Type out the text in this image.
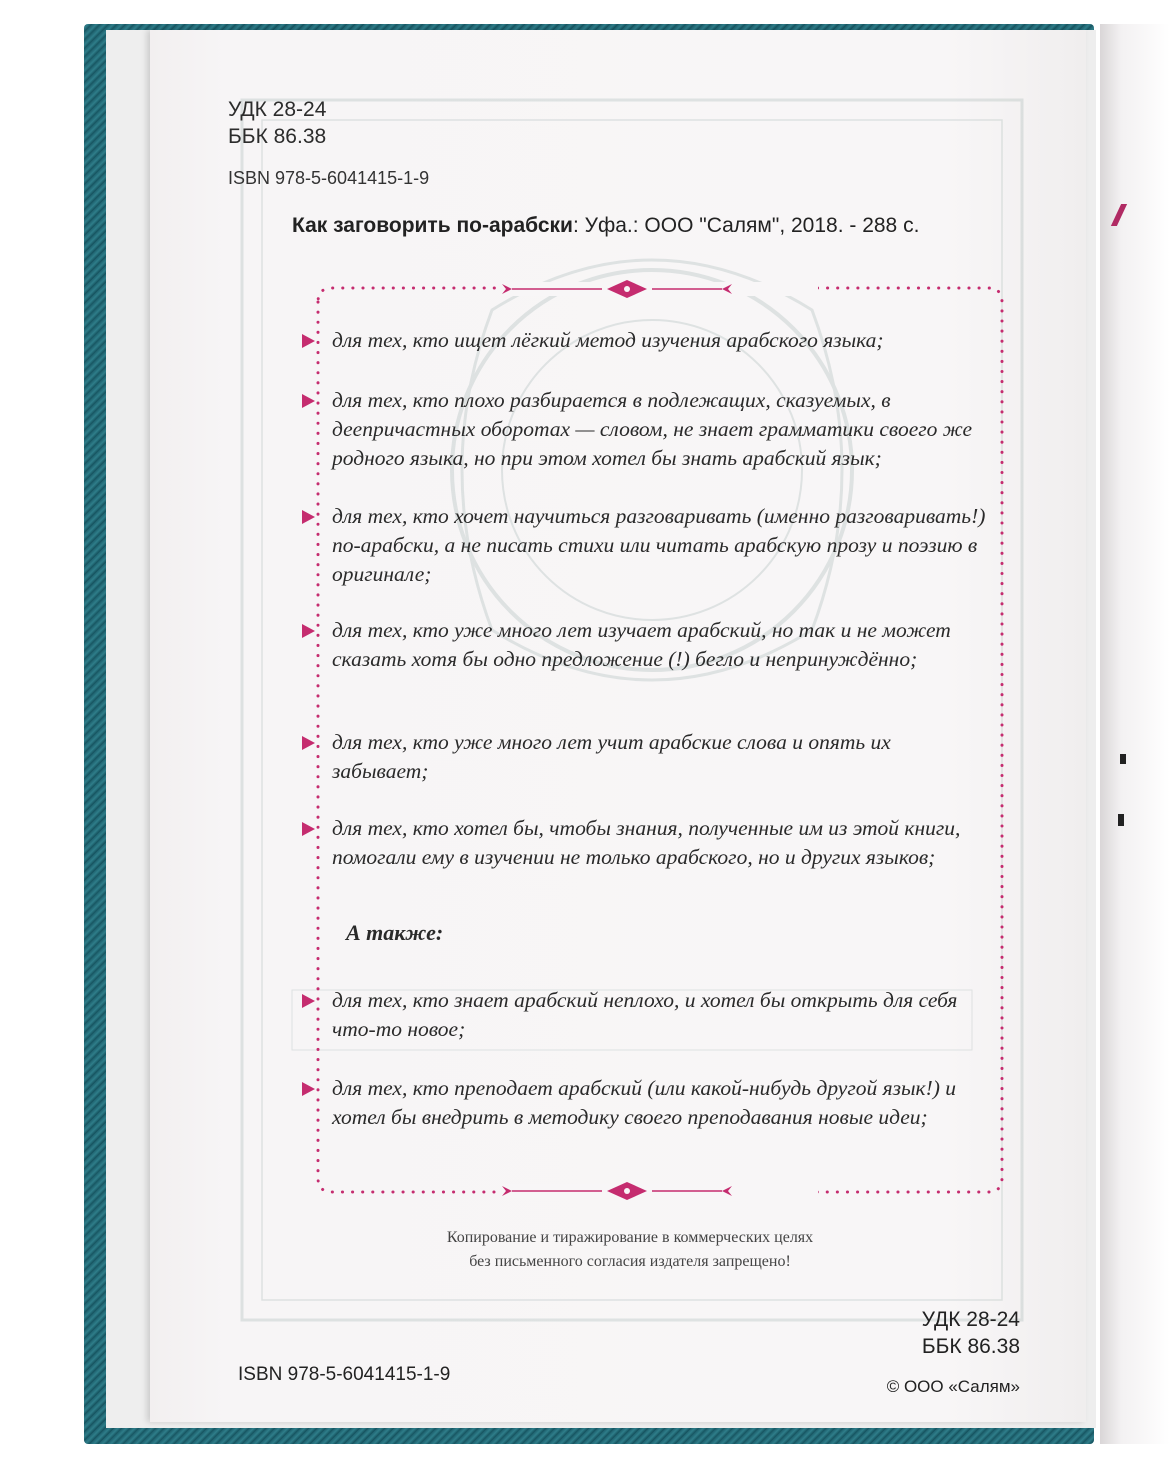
УДК 28-24
ББК 86.38
ISBN 978-5-6041415-1-9
Как заговорить по-арабски: Уфа.: ООО "Салям", 2018. - 288 с.
для тех, кто ищет лёгкий метод изучения арабского языка;
для тех, кто плохо разбирается в подлежащих, сказуемых, в деепричастных оборотах — словом, не знает грамматики своего же родного языка, но при этом хотел бы знать арабский язык;
для тех, кто хочет научиться разговаривать (именно разговаривать!) по-арабски, а не писать стихи или читать арабскую прозу и поэзию в оригинале;
для тех, кто уже много лет изучает арабский, но так и не может сказать хотя бы одно предложение (!) бегло и непринуждённо;
для тех, кто уже много лет учит арабские слова и опять их забывает;
для тех, кто хотел бы, чтобы знания, полученные им из этой книги, помогали ему в изучении не только арабского, но и других языков;
для тех, кто знает арабский неплохо, и хотел бы открыть для себя что-то новое;
для тех, кто преподает арабский (или какой-нибудь другой язык!) и хотел бы внедрить в методику своего преподавания новые идеи;
А также:
Копирование и тиражирование в коммерческих целях
без письменного согласия издателя запрещено!
УДК 28-24
ББК 86.38
ISBN 978-5-6041415-1-9
© ООО «Салям»
